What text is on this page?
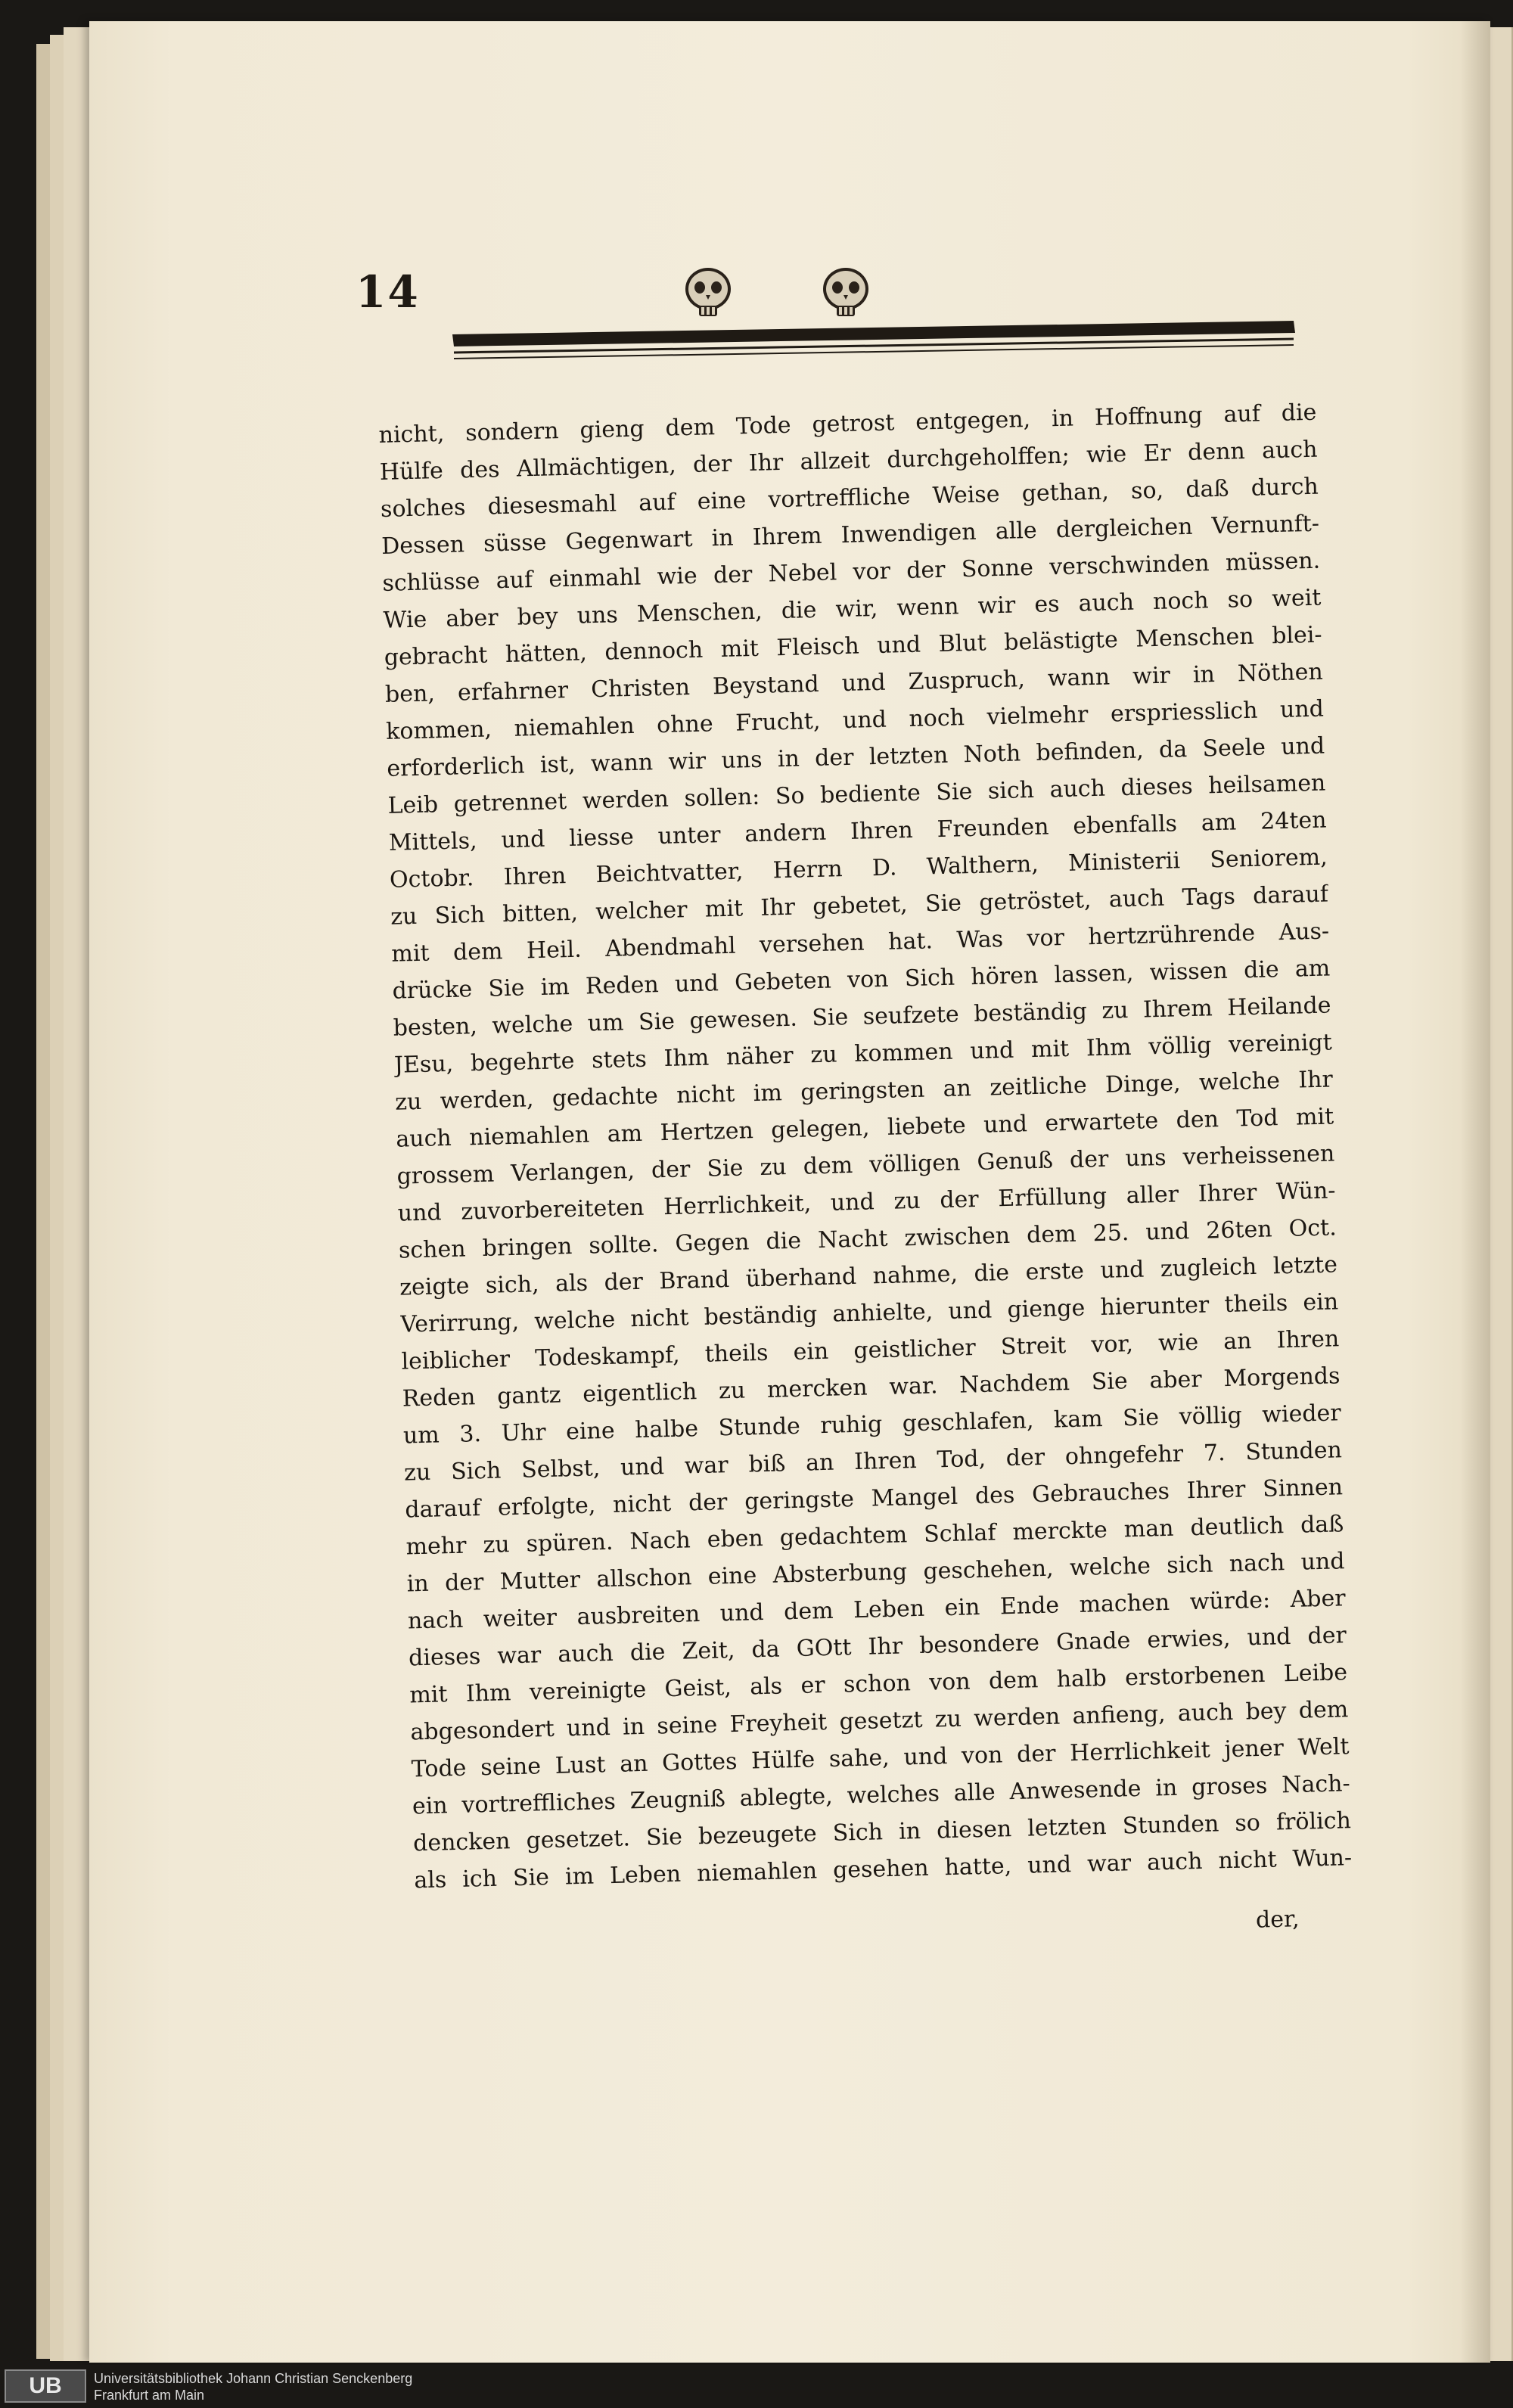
14
nicht, sondern gieng dem Tode getrost entgegen, in Hoffnung auf die
Hülfe des Allmächtigen, der Ihr allzeit durchgeholffen; wie Er denn auch
solches diesesmahl auf eine vortreffliche Weise gethan, so, daß durch
Dessen süsse Gegenwart in Ihrem Inwendigen alle dergleichen Vernunft-
schlüsse auf einmahl wie der Nebel vor der Sonne verschwinden müssen.
Wie aber bey uns Menschen, die wir, wenn wir es auch noch so weit
gebracht hätten, dennoch mit Fleisch und Blut belästigte Menschen blei-
ben, erfahrner Christen Beystand und Zuspruch, wann wir in Nöthen
kommen, niemahlen ohne Frucht, und noch vielmehr erspriesslich und
erforderlich ist, wann wir uns in der letzten Noth befinden, da Seele und
Leib getrennet werden sollen: So bediente Sie sich auch dieses heilsamen
Mittels, und liesse unter andern Ihren Freunden ebenfalls am 24ten
Octobr. Ihren Beichtvatter, Herrn D. Walthern, Ministerii Seniorem,
zu Sich bitten, welcher mit Ihr gebetet, Sie getröstet, auch Tags darauf
mit dem Heil. Abendmahl versehen hat. Was vor hertzrührende Aus-
drücke Sie im Reden und Gebeten von Sich hören lassen, wissen die am
besten, welche um Sie gewesen. Sie seufzete beständig zu Ihrem Heilande
JEsu, begehrte stets Ihm näher zu kommen und mit Ihm völlig vereinigt
zu werden, gedachte nicht im geringsten an zeitliche Dinge, welche Ihr
auch niemahlen am Hertzen gelegen, liebete und erwartete den Tod mit
grossem Verlangen, der Sie zu dem völligen Genuß der uns verheissenen
und zuvorbereiteten Herrlichkeit, und zu der Erfüllung aller Ihrer Wün-
schen bringen sollte. Gegen die Nacht zwischen dem 25. und 26ten Oct.
zeigte sich, als der Brand überhand nahme, die erste und zugleich letzte
Verirrung, welche nicht beständig anhielte, und gienge hierunter theils ein
leiblicher Todeskampf, theils ein geistlicher Streit vor, wie an Ihren
Reden gantz eigentlich zu mercken war. Nachdem Sie aber Morgends
um 3. Uhr eine halbe Stunde ruhig geschlafen, kam Sie völlig wieder
zu Sich Selbst, und war biß an Ihren Tod, der ohngefehr 7. Stunden
darauf erfolgte, nicht der geringste Mangel des Gebrauches Ihrer Sinnen
mehr zu spüren. Nach eben gedachtem Schlaf merckte man deutlich daß
in der Mutter allschon eine Absterbung geschehen, welche sich nach und
nach weiter ausbreiten und dem Leben ein Ende machen würde: Aber
dieses war auch die Zeit, da GOtt Ihr besondere Gnade erwies, und der
mit Ihm vereinigte Geist, als er schon von dem halb erstorbenen Leibe
abgesondert und in seine Freyheit gesetzt zu werden anfieng, auch bey dem
Tode seine Lust an Gottes Hülfe sahe, und von der Herrlichkeit jener Welt
ein vortreffliches Zeugniß ablegte, welches alle Anwesende in groses Nach-
dencken gesetzet. Sie bezeugete Sich in diesen letzten Stunden so frölich
als ich Sie im Leben niemahlen gesehen hatte, und war auch nicht Wun-
der,
UB	Universitätsbibliothek Johann Christian Senckenberg
Frankfurt am Main
